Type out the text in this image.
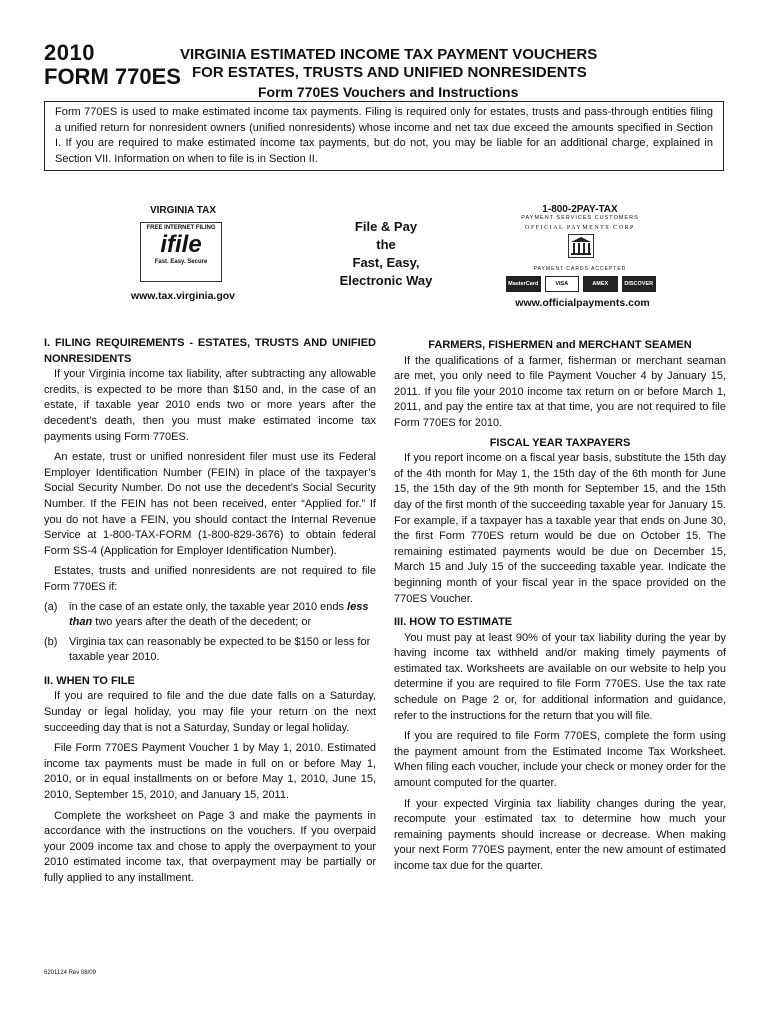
2010
FORM 770ES
VIRGINIA ESTIMATED INCOME TAX PAYMENT VOUCHERS
FOR ESTATES, TRUSTS AND UNIFIED NONRESIDENTS
Form 770ES Vouchers and Instructions
Form 770ES is used to make estimated income tax payments. Filing is required only for estates, trusts and pass-through entities filing a unified return for nonresident owners (unified nonresidents) whose income and net tax due exceed the amounts specified in Section I. If you are required to make estimated income tax payments, but do not, you may be liable for an additional charge, explained in Section VII. Information on when to file is in Section II.
VIRGINIA TAX
FREE INTERNET FILING
ifile
Fast. Easy. Secure
www.tax.virginia.gov
File & Pay
the
Fast, Easy,
Electronic Way
1-800-2PAY-TAX
PAYMENT SERVICES CUSTOMERS
OFFICIAL PAYMENTS CORP
PAYMENT CARDS ACCEPTED
MasterCard	VISA	AMEX	DISCOVER
www.officialpayments.com
I. FILING REQUIREMENTS - ESTATES, TRUSTS AND UNIFIED NONRESIDENTS

If your Virginia income tax liability, after subtracting any allowable credits, is expected to be more than $150 and, in the case of an estate, if taxable year 2010 ends two or more years after the decedent’s death, then you must make estimated income tax payments using Form 770ES.

An estate, trust or unified nonresident filer must use its Federal Employer Identification Number (FEIN) in place of the taxpayer’s Social Security Number. Do not use the decedent’s Social Security Number. If the FEIN has not been received, enter “Applied for.” If you do not have a FEIN, you should contact the Internal Revenue Service at 1-800-TAX-FORM (1-800-829-3676) to obtain federal Form SS-4 (Application for Employer Identification Number).

Estates, trusts and unified nonresidents are not required to file Form 770ES if:

(a)	in the case of an estate only, the taxable year 2010 ends less than two years after the death of the decedent; or
(b)	Virginia tax can reasonably be expected to be $150 or less for taxable year 2010.
II. WHEN TO FILE

If you are required to file and the due date falls on a Saturday, Sunday or legal holiday, you may file your return on the next succeeding day that is not a Saturday, Sunday or legal holiday.

File Form 770ES Payment Voucher 1 by May 1, 2010. Estimated income tax payments must be made in full on or before May 1, 2010, or in equal installments on or before May 1, 2010, June 15, 2010, September 15, 2010, and January 15, 2011.

Complete the worksheet on Page 3 and make the payments in accordance with the instructions on the vouchers. If you overpaid your 2009 income tax and chose to apply the overpayment to your 2010 estimated income tax, that overpayment may be partially or fully applied to any installment.

FARMERS, FISHERMEN and MERCHANT SEAMEN

If the qualifications of a farmer, fisherman or merchant seaman are met, you only need to file Payment Voucher 4 by January 15, 2011. If you file your 2010 income tax return on or before March 1, 2011, and pay the entire tax at that time, you are not required to file Form 770ES for 2010.

FISCAL YEAR TAXPAYERS

If you report income on a fiscal year basis, substitute the 15th day of the 4th month for May 1, the 15th day of the 6th month for June 15, the 15th day of the 9th month for September 15, and the 15th day of the first month of the succeeding taxable year for January 15. For example, if a taxpayer has a taxable year that ends on June 30, the first Form 770ES return would be due on October 15. The remaining estimated payments would be due on December 15, March 15 and July 15 of the succeeding taxable year. Indicate the beginning month of your fiscal year in the space provided on the 770ES Voucher.

III. HOW TO ESTIMATE

You must pay at least 90% of your tax liability during the year by having income tax withheld and/or making timely payments of estimated tax. Worksheets are available on our website to help you determine if you are required to file Form 770ES. Use the tax rate schedule on Page 2 or, for additional information and guidance, refer to the instructions for the return that you will file.

If you are required to file Form 770ES, complete the form using the payment amount from the Estimated Income Tax Worksheet. When filing each voucher, include your check or money order for the amount computed for the quarter.

If your expected Virginia tax liability changes during the year, recompute your estimated tax to determine how much your remaining payments should increase or decrease. When making your next Form 770ES payment, enter the new amount of estimated income tax due for the quarter.

6201124 Rev 08/09
